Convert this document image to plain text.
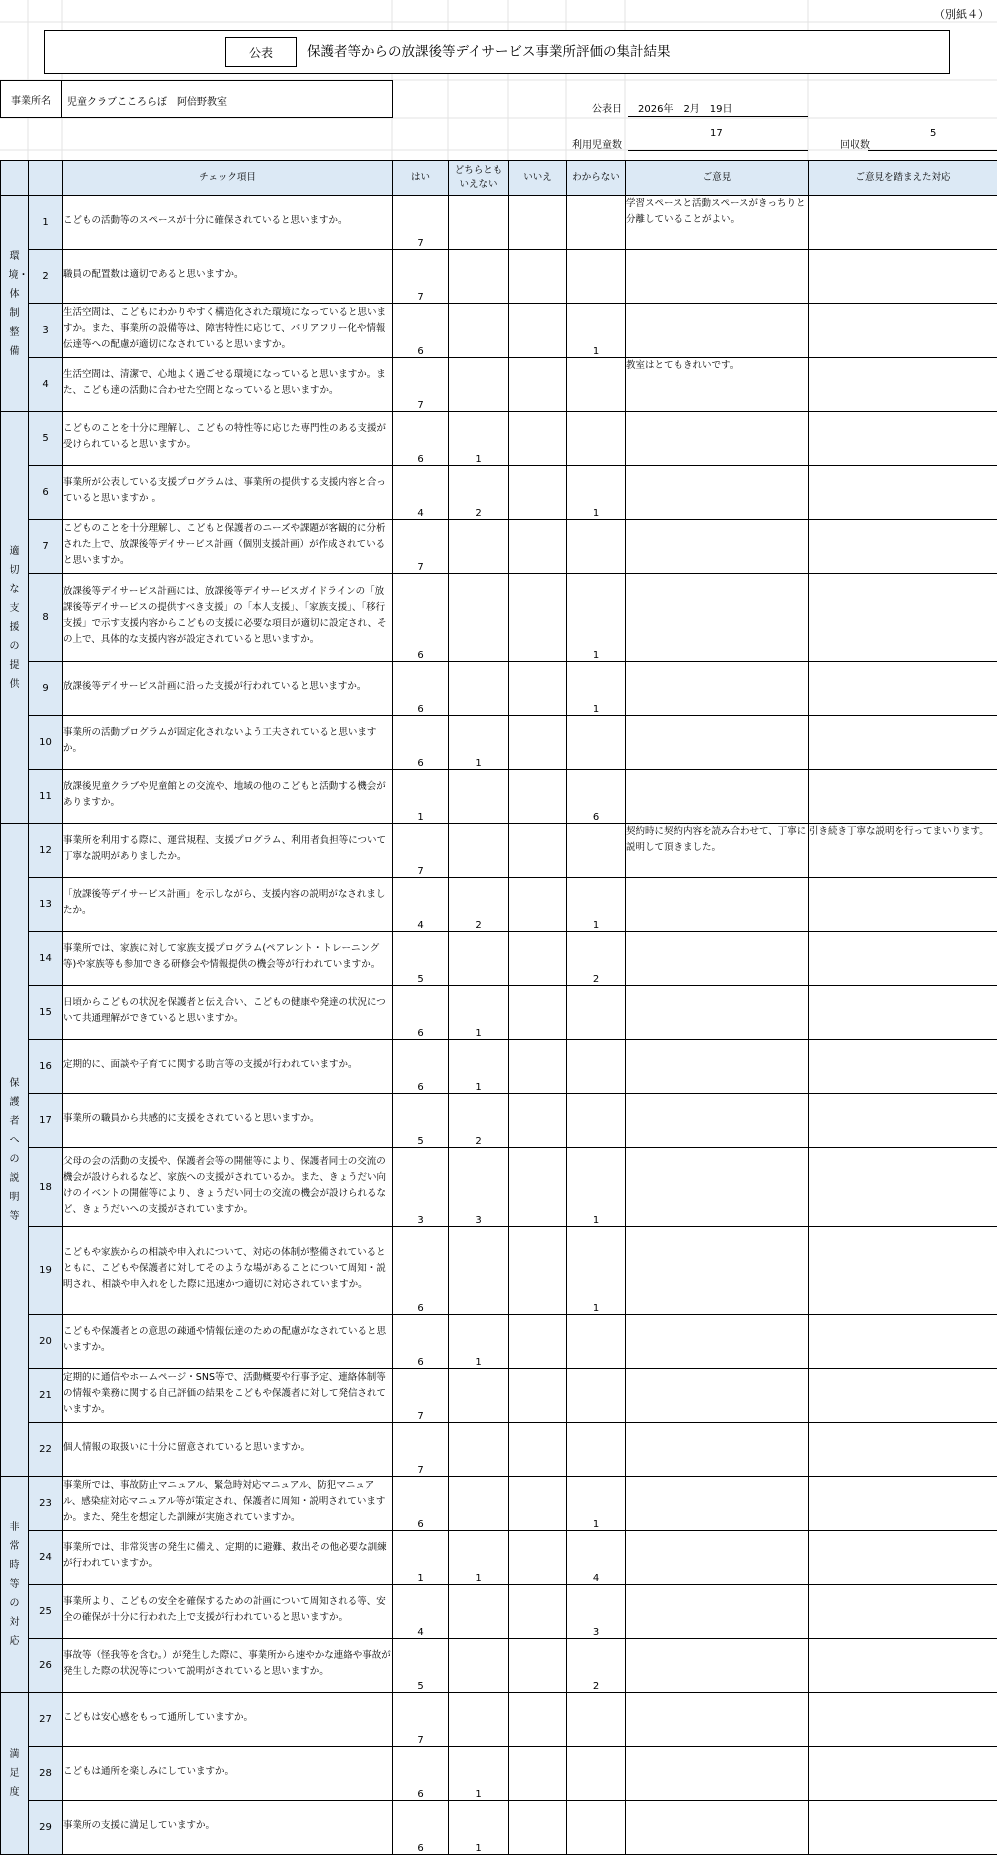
（別紙４）
公表	保護者等からの放課後等デイサービス事業所評価の集計結果
事業所名	児童クラブこころらぼ　阿倍野教室
公表日 2026年　2月　19日
利用児童数
17
回収数
5
		チェック項目	はい	どちらとも
いえない	いいえ	わからない	ご意見	ご意見を踏まえた対応
環境・体制整備	1	こどもの活動等のスペースが十分に確保されていると思いますか。	7				学習スペースと活動スペースがきっちりと分離していることがよい。	
	2	職員の配置数は適切であると思いますか。	7					
	3	生活空間は、こどもにわかりやすく構造化された環境になっていると思いますか。また、事業所の設備等は、障害特性に応じて、バリアフリー化や情報伝達等への配慮が適切になされていると思いますか。	6			1		
	4	生活空間は、清潔で、心地よく過ごせる環境になっていると思いますか。また、こども達の活動に合わせた空間となっていると思いますか。	7				教室はとてもきれいです。	
適切な支援の提供	5	こどものことを十分に理解し、こどもの特性等に応じた専門性のある支援が受けられていると思いますか。	6	1				
	6	事業所が公表している支援プログラムは、事業所の提供する支援内容と合っていると思いますか 。	4	2		1		
	7	こどものことを十分理解し、こどもと保護者のニーズや課題が客観的に分析された上で、放課後等デイサービス計画（個別支援計画）が作成されていると思いますか。	7					
	8	放課後等デイサービス計画には、放課後等デイサービスガイドラインの「放課後等デイサービスの提供すべき支援」の「本人支援」、「家族支援」、「移行支援」で示す支援内容からこどもの支援に必要な項目が適切に設定され、その上で、具体的な支援内容が設定されていると思いますか。	6			1		
	9	放課後等デイサービス計画に沿った支援が行われていると思いますか。	6			1		
	10	事業所の活動プログラムが固定化されないよう工夫されていると思いますか。	6	1				
	11	放課後児童クラブや児童館との交流や、地域の他のこどもと活動する機会がありますか。	1			6		
保護者への説明等	12	事業所を利用する際に、運営規程、支援プログラム、利用者負担等について丁寧な説明がありましたか。	7				契約時に契約内容を読み合わせて、丁寧に説明して頂きました。	引き続き丁寧な説明を行ってまいります。
	13	「放課後等デイサービス計画」を示しながら、支援内容の説明がなされましたか。	4	2		1		
	14	事業所では、家族に対して家族支援プログラム(ペアレント・トレーニング等)や家族等も参加できる研修会や情報提供の機会等が行われていますか。	5			2		
	15	日頃からこどもの状況を保護者と伝え合い、こどもの健康や発達の状況について共通理解ができていると思いますか。	6	1				
	16	定期的に、面談や子育てに関する助言等の支援が行われていますか。	6	1				
	17	事業所の職員から共感的に支援をされていると思いますか。	5	2				
	18	父母の会の活動の支援や、保護者会等の開催等により、保護者同士の交流の機会が設けられるなど、家族への支援がされているか。また、きょうだい向けのイベントの開催等により、きょうだい同士の交流の機会が設けられるなど、きょうだいへの支援がされていますか。	3	3		1		
	19	こどもや家族からの相談や申入れについて、対応の体制が整備されているとともに、こどもや保護者に対してそのような場があることについて周知・説明され、相談や申入れをした際に迅速かつ適切に対応されていますか。	6			1		
	20	こどもや保護者との意思の疎通や情報伝達のための配慮がなされていると思いますか。	6	1				
	21	定期的に通信やホームページ・SNS等で、活動概要や行事予定、連絡体制等の情報や業務に関する自己評価の結果をこどもや保護者に対して発信されていますか。	7					
	22	個人情報の取扱いに十分に留意されていると思いますか。	7					
非常時等の対応	23	事業所では、事故防止マニュアル、緊急時対応マニュアル、防犯マニュアル、感染症対応マニュアル等が策定され、保護者に周知・説明されていますか。また、発生を想定した訓練が実施されていますか。	6			1		
	24	事業所では、非常災害の発生に備え、定期的に避難、救出その他必要な訓練が行われていますか。	1	1		4		
	25	事業所より、こどもの安全を確保するための計画について周知される等、安全の確保が十分に行われた上で支援が行われていると思いますか。	4			3		
	26	事故等（怪我等を含む。）が発生した際に、事業所から速やかな連絡や事故が発生した際の状況等について説明がされていると思いますか。	5			2		
満足度	27	こどもは安心感をもって通所していますか。	7					
	28	こどもは通所を楽しみにしていますか。	6	1				
	29	事業所の支援に満足していますか。	6	1				
